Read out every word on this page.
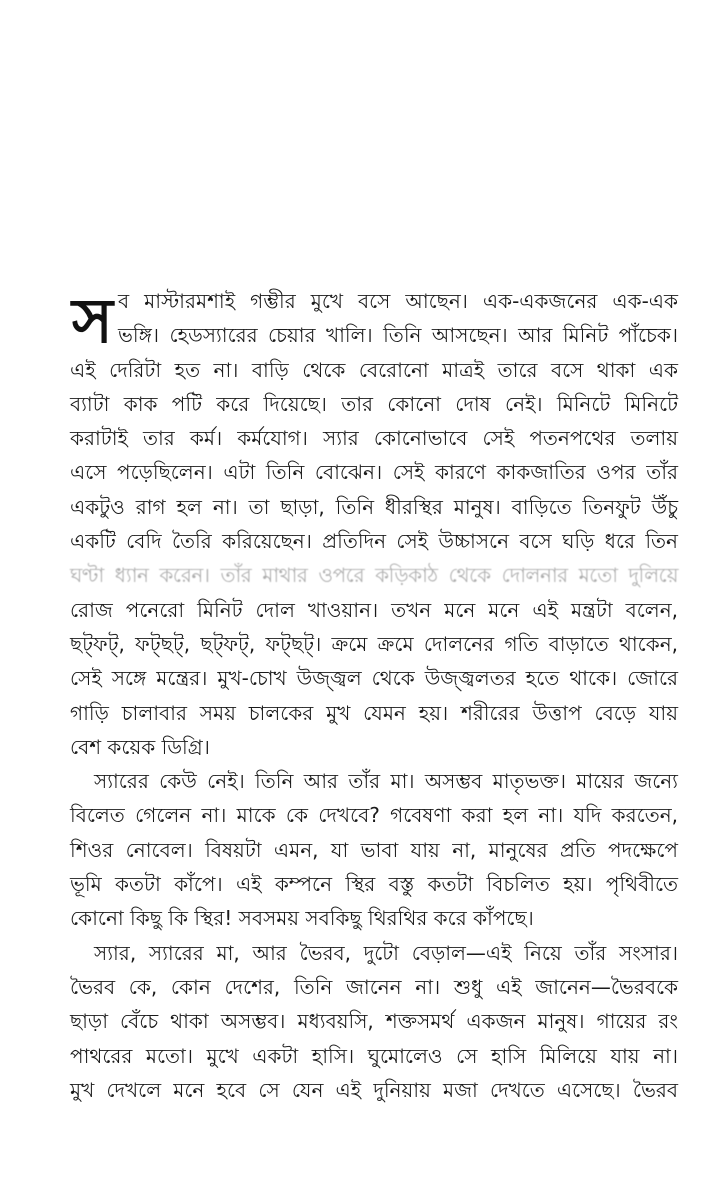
স ব মাস্টারমশাই গম্ভীর মুখে বসে আছেন। এক-একজনের এক-এক
ভঙ্গি। হেডস্যারের চেয়ার খালি। তিনি আসছেন। আর মিনিট পাঁচেক।
এই দেরিটা হত না। বাড়ি থেকে বেরোনো মাত্রই তারে বসে থাকা এক
ব্যাটা কাক পটি করে দিয়েছে। তার কোনো দোষ নেই। মিনিটে মিনিটে
করাটাই তার কর্ম। কর্মযোগ। স্যার কোনোভাবে সেই পতনপথের তলায়
এসে পড়েছিলেন। এটা তিনি বোঝেন। সেই কারণে কাকজাতির ওপর তাঁর
একটুও রাগ হল না। তা ছাড়া, তিনি ধীরস্থির মানুষ। বাড়িতে তিনফুট উঁচু
একটি বেদি তৈরি করিয়েছেন। প্রতিদিন সেই উচ্চাসনে বসে ঘড়ি ধরে তিন
ঘণ্টা ধ্যান করেন। তাঁর মাথার ওপরে কড়িকাঠ থেকে দোলনার মতো দুলিয়ে
রোজ পনেরো মিনিট দোল খাওয়ান। তখন মনে মনে এই মন্ত্রটা বলেন,
ছট্‌ফট্, ফট্‌ছট্, ছট্‌ফট্, ফট্‌ছট্। ক্রমে ক্রমে দোলনের গতি বাড়াতে থাকেন,
সেই সঙ্গে মন্ত্রের। মুখ-চোখ উজ্জ্বল থেকে উজ্জ্বলতর হতে থাকে। জোরে
গাড়ি চালাবার সময় চালকের মুখ যেমন হয়। শরীরের উত্তাপ বেড়ে যায়
বেশ কয়েক ডিগ্রি।
স্যারের কেউ নেই। তিনি আর তাঁর মা। অসম্ভব মাতৃভক্ত। মায়ের জন্যে
বিলেত গেলেন না। মাকে কে দেখবে? গবেষণা করা হল না। যদি করতেন,
শিওর নোবেল। বিষয়টা এমন, যা ভাবা যায় না, মানুষের প্রতি পদক্ষেপে
ভূমি কতটা কাঁপে। এই কম্পনে স্থির বস্তু কতটা বিচলিত হয়। পৃথিবীতে
কোনো কিছু কি স্থির! সবসময় সবকিছু থিরথির করে কাঁপছে।
স্যার, স্যারের মা, আর ভৈরব, দুটো বেড়াল—এই নিয়ে তাঁর সংসার।
ভৈরব কে, কোন দেশের, তিনি জানেন না। শুধু এই জানেন—ভৈরবকে
ছাড়া বেঁচে থাকা অসম্ভব। মধ্যবয়সি, শক্তসমর্থ একজন মানুষ। গায়ের রং
পাথরের মতো। মুখে একটা হাসি। ঘুমোলেও সে হাসি মিলিয়ে যায় না।
মুখ দেখলে মনে হবে সে যেন এই দুনিয়ায় মজা দেখতে এসেছে। ভৈরব
